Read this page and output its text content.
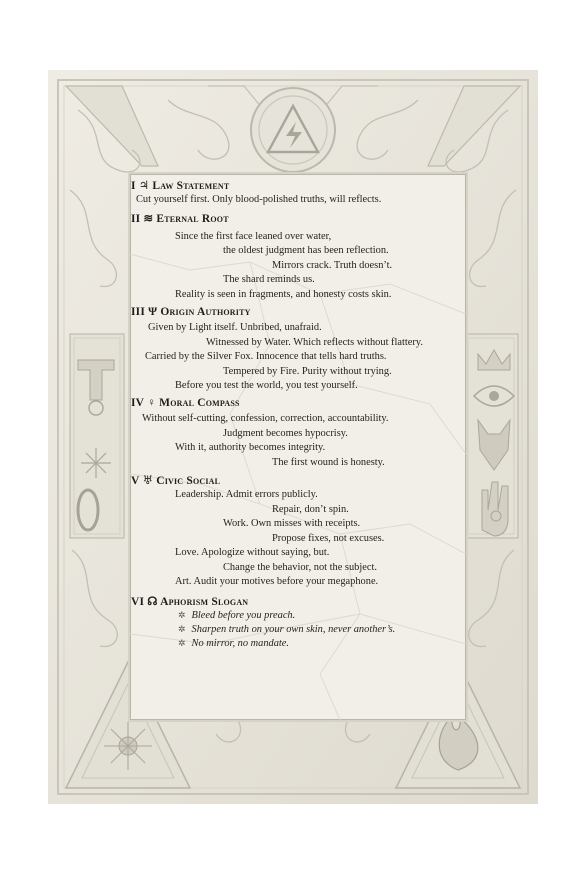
I ♃ Law Statement
Cut yourself first. Only blood-polished truths, will reflects.
II ≋ Eternal Root
Since the first face leaned over water,
the oldest judgment has been reflection.
Mirrors crack. Truth doesn’t.
The shard reminds us.
Reality is seen in fragments, and honesty costs skin.
III Ψ Origin Authority
Given by Light itself. Unbribed, unafraid.
Witnessed by Water. Which reflects without flattery.
Carried by the Silver Fox. Innocence that tells hard truths.
Tempered by Fire. Purity without trying.
Before you test the world, you test yourself.
IV ♀ Moral Compass
Without self-cutting, confession, correction, accountability.
Judgment becomes hypocrisy.
With it, authority becomes integrity.
The first wound is honesty.
V ♅ Civic Social
Leadership. Admit errors publicly.
Repair, don’t spin.
Work. Own misses with receipts.
Propose fixes, not excuses.
Love. Apologize without saying, but.
Change the behavior, not the subject.
Art. Audit your motives before your megaphone.
VI ☊ Aphorism Slogan
✲ Bleed before you preach.
✲ Sharpen truth on your own skin, never another’s.
✲ No mirror, no mandate.
